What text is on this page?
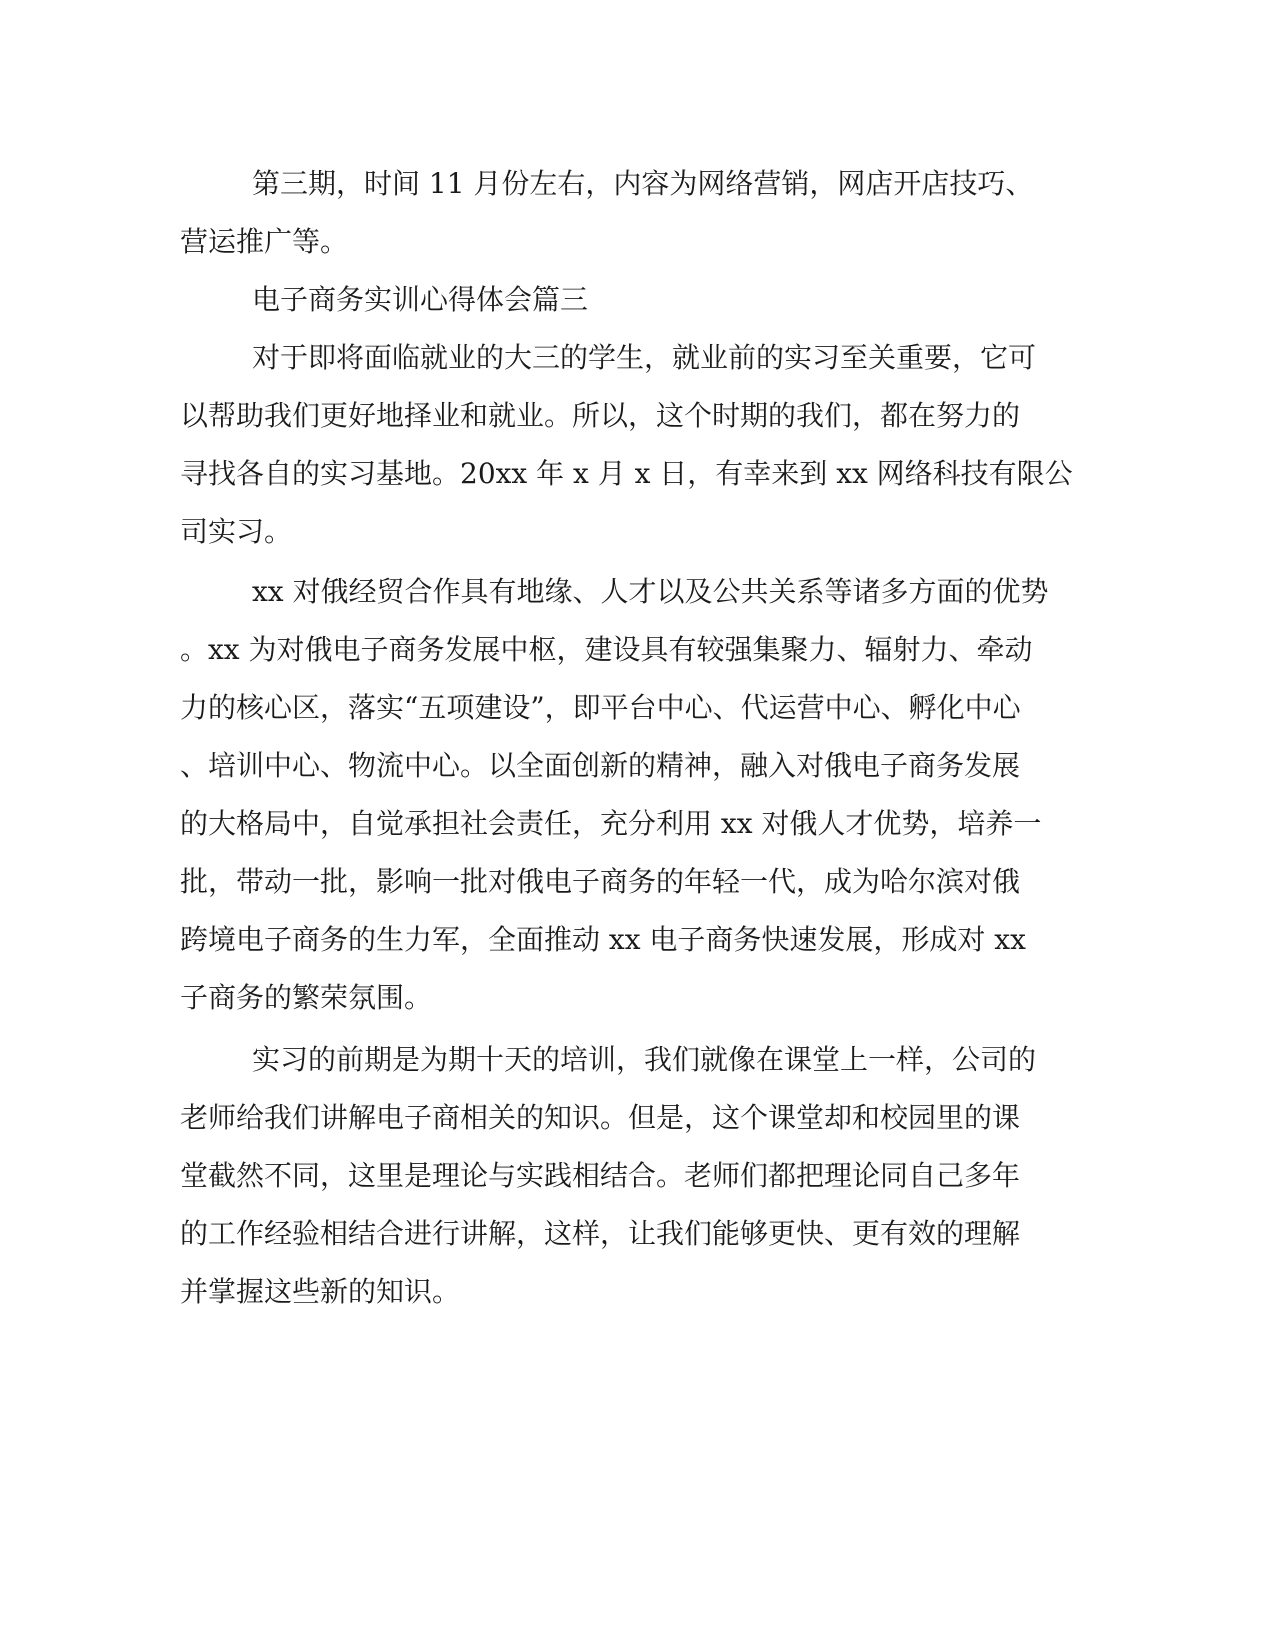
第三期，时间 11 月份左右，内容为网络营销，网店开店技巧、

营运推广等。

电子商务实训心得体会篇三

对于即将面临就业的大三的学生，就业前的实习至关重要，它可

以帮助我们更好地择业和就业。所以，这个时期的我们，都在努力的

寻找各自的实习基地。20xx 年 x 月 x 日，有幸来到 xx 网络科技有限公

司实习。

xx 对俄经贸合作具有地缘、人才以及公共关系等诸多方面的优势

。xx 为对俄电子商务发展中枢，建设具有较强集聚力、辐射力、牵动

力的核心区，落实“五项建设”，即平台中心、代运营中心、孵化中心

、培训中心、物流中心。以全面创新的精神，融入对俄电子商务发展

的大格局中，自觉承担社会责任，充分利用 xx 对俄人才优势，培养一

批，带动一批，影响一批对俄电子商务的年轻一代，成为哈尔滨对俄

跨境电子商务的生力军，全面推动 xx 电子商务快速发展，形成对 xx

子商务的繁荣氛围。

实习的前期是为期十天的培训，我们就像在课堂上一样，公司的

老师给我们讲解电子商相关的知识。但是，这个课堂却和校园里的课

堂截然不同，这里是理论与实践相结合。老师们都把理论同自己多年

的工作经验相结合进行讲解，这样，让我们能够更快、更有效的理解

并掌握这些新的知识。
